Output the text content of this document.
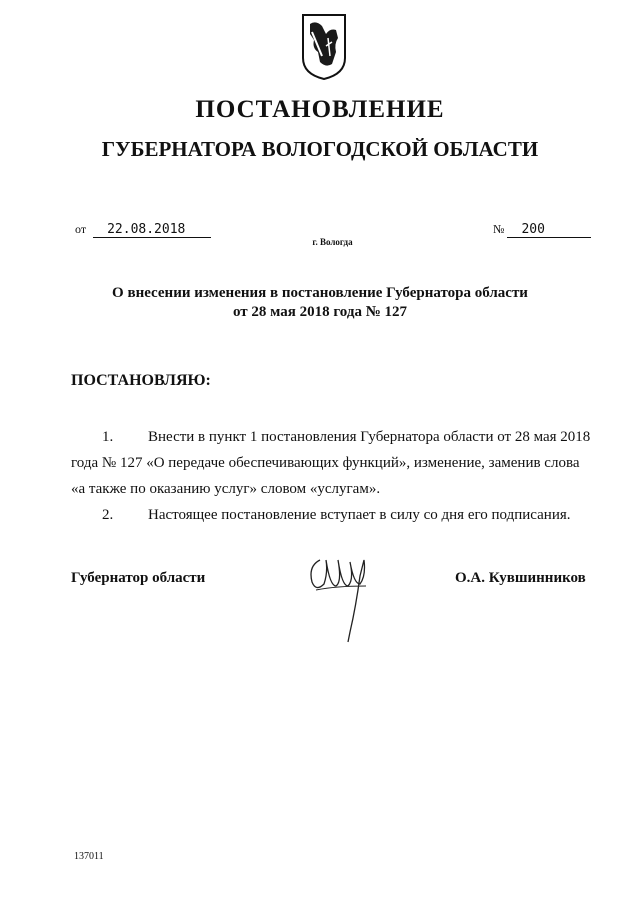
ПОСТАНОВЛЕНИЕ
ГУБЕРНАТОРА ВОЛОГОДСКОЙ ОБЛАСТИ
от 22.08.2018	№ 200
г. Вологда
О внесении изменения в постановление Губернатора области
от 28 мая 2018 года № 127
ПОСТАНОВЛЯЮ:
1. Внести в пункт 1 постановления Губернатора области от 28 мая 2018
года № 127 «О передаче обеспечивающих функций», изменение, заменив слова
«а также по оказанию услуг» словом «услугам».
2. Настоящее постановление вступает в силу со дня его подписания.
Губернатор области	О.А. Кувшинников
137011
